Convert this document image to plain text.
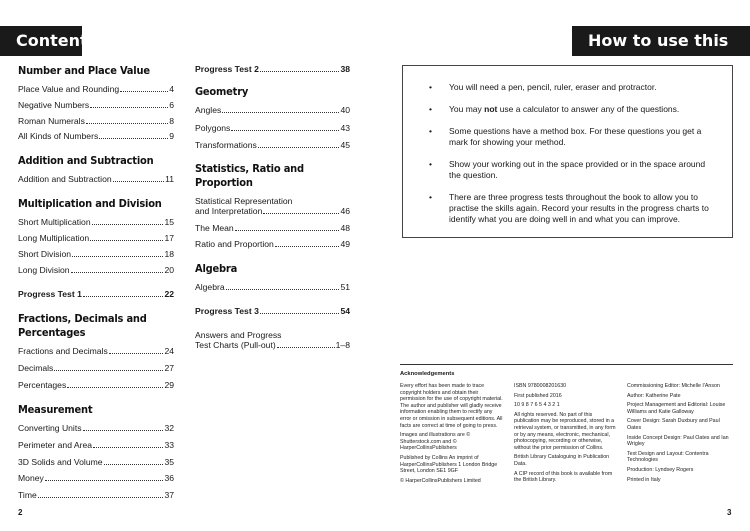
Contents	How to use this book
Number and Place Value
Place Value and Rounding	4
Negative Numbers	6
Roman Numerals	8
All Kinds of Numbers	9
Addition and Subtraction
Addition and Subtraction	11
Multiplication and Division
Short Multiplication	15
Long Multiplication	17
Short Division	18
Long Division	20
Progress Test 1	22
Fractions, Decimals and Percentages
Fractions and Decimals	24
Decimals	27
Percentages	29
Measurement
Converting Units	32
Perimeter and Area	33
3D Solids and Volume	35
Money	36
Time	37
Progress Test 2	38
Geometry
Angles	40
Polygons	43
Transformations	45
Statistics, Ratio and Proportion
Statistical Representation
and Interpretation	46
The Mean	48
Ratio and Proportion	49
Algebra
Algebra	51
Progress Test 3	54
Answers and Progress
Test Charts (Pull-out)	1–8
• You will need a pen, pencil, ruler, eraser and protractor.
• You may not use a calculator to answer any of the questions.
• Some questions have a method box. For these questions you get a mark for showing your method.
• Show your working out in the space provided or in the space around the question.
• There are three progress tests throughout the book to allow you to practise the skills again. Record your results in the progress charts to identify what you are doing well in and what you can improve.
Acknowledgements

Every effort has been made to trace copyright holders and obtain their permission for the use of copyright material. The author and publisher will gladly receive information enabling them to rectify any error or omission in subsequent editions. All facts are correct at time of going to press.

Images and illustrations are © Shutterstock.com and © HarperCollinsPublishers

Published by Collins An imprint of HarperCollinsPublishers 1 London Bridge Street, London SE1 9GF

© HarperCollinsPublishers Limited

ISBN 9780008201630

First published 2016

10 9 8 7 6 5 4 3 2 1

All rights reserved. No part of this publication may be reproduced, stored in a retrieval system, or transmitted, in any form or by any means, electronic, mechanical, photocopying, recording or otherwise, without the prior permission of Collins.

British Library Cataloguing in Publication Data.

A CIP record of this book is available from the British Library.

Commissioning Editor: Michelle I'Anson

Author: Katherine Pate

Project Management and Editorial: Louise Williams and Katie Galloway

Cover Design: Sarah Duxbury and Paul Oates

Inside Concept Design: Paul Oates and Ian Wrigley

Text Design and Layout: Contentra Technologies

Production: Lyndsey Rogers

Printed in Italy

2	3
